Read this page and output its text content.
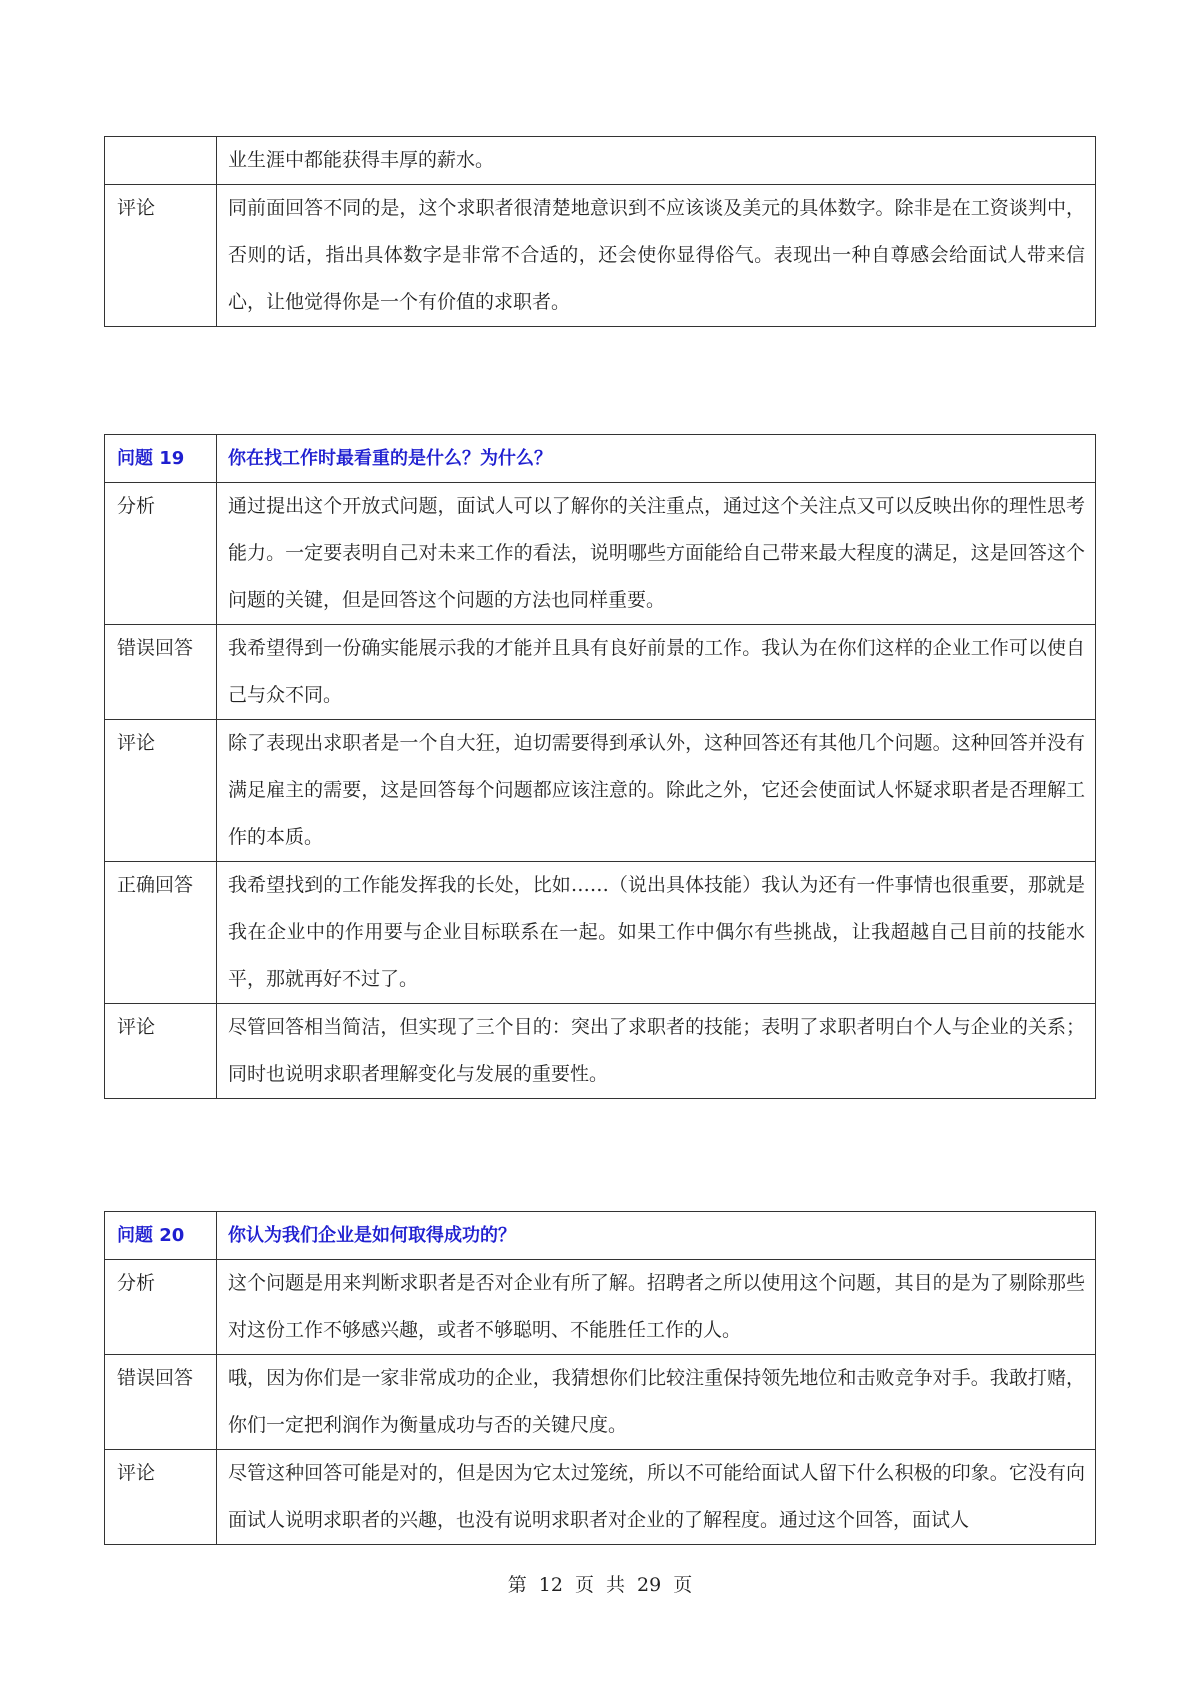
	业生涯中都能获得丰厚的薪水。
评论	同前面回答不同的是，这个求职者很清楚地意识到不应该谈及美元的具体数字。除非是在工资谈判中，否则的话，指出具体数字是非常不合适的，还会使你显得俗气。表现出一种自尊感会给面试人带来信心，让他觉得你是一个有价值的求职者。
问题 19	你在找工作时最看重的是什么？为什么？
分析	通过提出这个开放式问题，面试人可以了解你的关注重点，通过这个关注点又可以反映出你的理性思考能力。一定要表明自己对未来工作的看法，说明哪些方面能给自己带来最大程度的满足，这是回答这个问题的关键，但是回答这个问题的方法也同样重要。
错误回答	我希望得到一份确实能展示我的才能并且具有良好前景的工作。我认为在你们这样的企业工作可以使自己与众不同。
评论	除了表现出求职者是一个自大狂，迫切需要得到承认外，这种回答还有其他几个问题。这种回答并没有满足雇主的需要，这是回答每个问题都应该注意的。除此之外，它还会使面试人怀疑求职者是否理解工作的本质。
正确回答	我希望找到的工作能发挥我的长处，比如……（说出具体技能）我认为还有一件事情也很重要，那就是我在企业中的作用要与企业目标联系在一起。如果工作中偶尔有些挑战，让我超越自己目前的技能水平，那就再好不过了。
评论	尽管回答相当简洁，但实现了三个目的：突出了求职者的技能；表明了求职者明白个人与企业的关系；同时也说明求职者理解变化与发展的重要性。
问题 20	你认为我们企业是如何取得成功的？
分析	这个问题是用来判断求职者是否对企业有所了解。招聘者之所以使用这个问题，其目的是为了剔除那些对这份工作不够感兴趣，或者不够聪明、不能胜任工作的人。
错误回答	哦，因为你们是一家非常成功的企业，我猜想你们比较注重保持领先地位和击败竞争对手。我敢打赌，你们一定把利润作为衡量成功与否的关键尺度。
评论	尽管这种回答可能是对的，但是因为它太过笼统，所以不可能给面试人留下什么积极的印象。它没有向面试人说明求职者的兴趣，也没有说明求职者对企业的了解程度。通过这个回答，面试人
第 12 页 共 29 页
